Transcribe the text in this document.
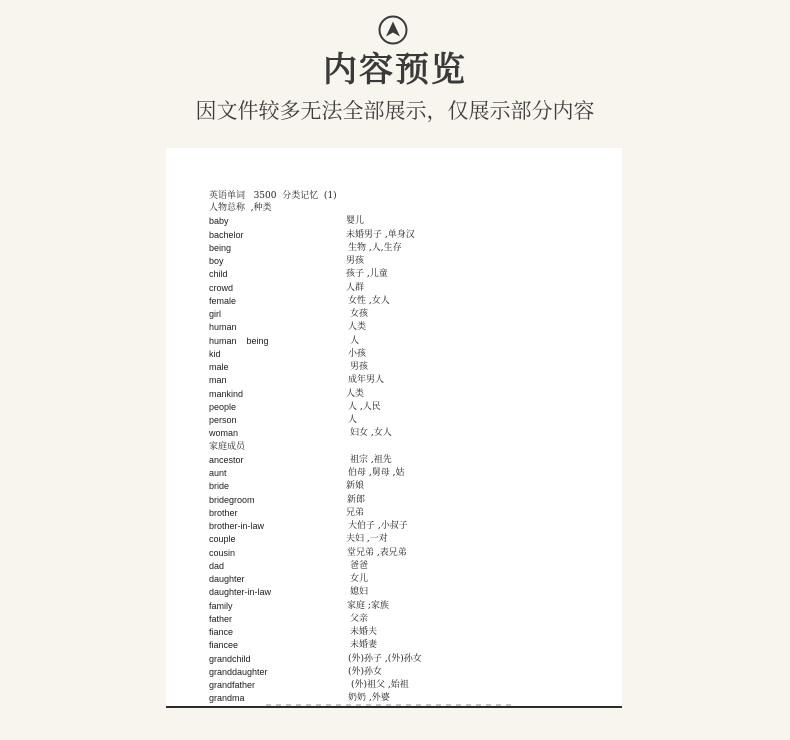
内容预览
因文件较多无法全部展示，仅展示部分内容
英语单词   3500  分类记忆  (1)
人物总称  ,种类
baby	婴儿
bachelor	未婚男子 ,单身汉
being	生物 ,人,生存
boy	男孩
child	孩子 ,儿童
crowd	人群
female	女性 ,女人
girl	女孩
human	人类
human    being	人
kid	小孩
male	男孩
man	成年男人
mankind	人类
people	人 ,人民
person	人
woman	妇女 ,女人
家庭成员
ancestor	祖宗 ,祖先
aunt	伯母 ,舅母 ,姑
bride	新娘
bridegroom	新郎
brother	兄弟
brother-in-law	大伯子 ,小叔子
couple	夫妇 ,一对
cousin	堂兄弟 ,表兄弟
dad	爸爸
daughter	女儿
daughter-in-law	媳妇
family	家庭 ;家族
father	父亲
fiance	未婚夫
fiancee	未婚妻
grandchild	(外)孙子 ,(外)孙女
granddaughter	(外)孙女
grandfather	(外)祖父 ,始祖
grandma	奶奶 ,外婆
